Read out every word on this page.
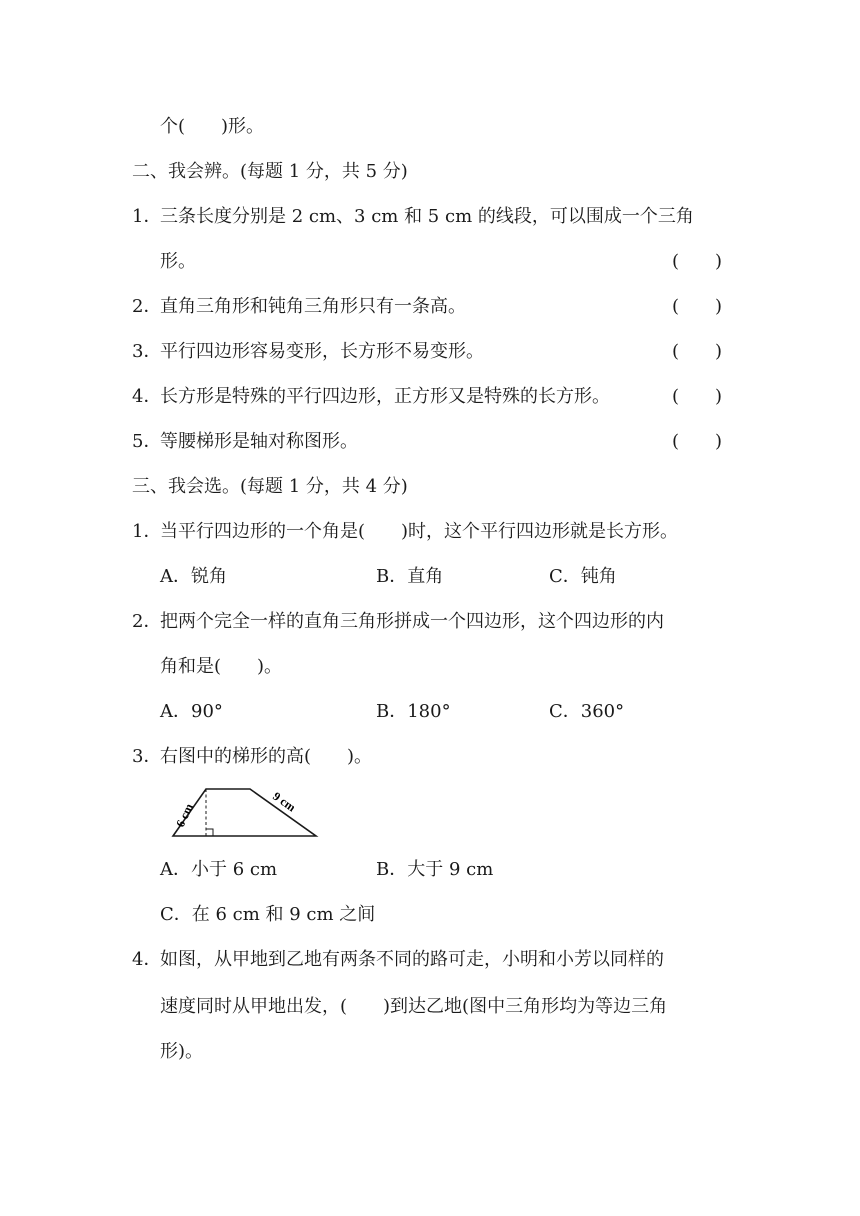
个(　　)形。
二、我会辨。(每题 1 分，共 5 分)
1．
三条长度分别是 2 cm、3 cm 和 5 cm 的线段，可以围成一个三角
形。	(　　)
2．
直角三角形和钝角三角形只有一条高。	(　　)
3．
平行四边形容易变形，长方形不易变形。	(　　)
4．
长方形是特殊的平行四边形，正方形又是特殊的长方形。	(　　)
5．
等腰梯形是轴对称图形。	(　　)
三、我会选。(每题 1 分，共 4 分)
1．
当平行四边形的一个角是(　　)时，这个平行四边形就是长方形。
A．锐角	B．直角	C．钝角
2．
把两个完全一样的直角三角形拼成一个四边形，这个四边形的内
角和是(　　)。
A．90°	B．180°	C．360°
3．
右图中的梯形的高(　　)。
6 cm	9 cm
A．小于 6 cm	B．大于 9 cm
C．在 6 cm 和 9 cm 之间
4．
如图，从甲地到乙地有两条不同的路可走，小明和小芳以同样的
速度同时从甲地出发，(　　)到达乙地(图中三角形均为等边三角
形)。
